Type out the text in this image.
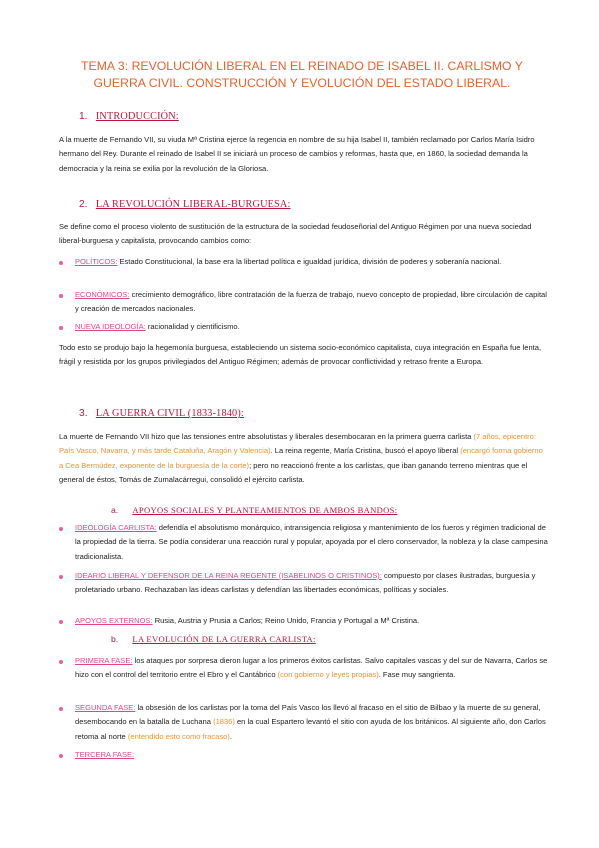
TEMA 3: REVOLUCIÓN LIBERAL EN EL REINADO DE ISABEL II. CARLISMO Y GUERRA CIVIL. CONSTRUCCIÓN Y EVOLUCIÓN DEL ESTADO LIBERAL.
1. INTRODUCCIÓN:
A la muerte de Fernando VII, su viuda Mª Cristina ejerce la regencia en nombre de su hija Isabel II, también reclamado por Carlos María Isidro hermano del Rey. Durante el reinado de Isabel II se iniciará un proceso de cambios y reformas, hasta que, en 1860, la sociedad demanda la democracia y la reina se exilia por la revolución de la Gloriosa.
2. LA REVOLUCIÓN LIBERAL-BURGUESA:
Se define como el proceso violento de sustitución de la estructura de la sociedad feudoseñorial del Antiguo Régimen por una nueva sociedad liberal-burguesa y capitalista, provocando cambios como:
POLÍTICOS: Estado Constitucional, la base era la libertad política e igualdad jurídica, división de poderes y soberanía nacional.
ECONÓMICOS: crecimiento demográfico, libre contratación de la fuerza de trabajo, nuevo concepto de propiedad, libre circulación de capital y creación de mercados nacionales.
NUEVA IDEOLOGÍA: racionalidad y cientificismo.
Todo esto se produjo bajo la hegemonía burguesa, estableciendo un sistema socio-económico capitalista, cuya integración en España fue lenta, frágil y resistida por los grupos privilegiados del Antiguo Régimen; además de provocar conflictividad y retraso frente a Europa.
3. LA GUERRA CIVIL (1833-1840):
La muerte de Fernando VII hizo que las tensiones entre absolutistas y liberales desembocaran en la primera guerra carlista (7 años, epicentro: País Vasco, Navarra, y más tarde Cataluña, Aragón y Valencia). La reina regente, María Cristina, buscó el apoyo liberal (encargó forma gobierno a Cea Bermúdez, exponente de la burguesía de la corte); pero no reaccionó frente a los carlistas, que iban ganando terreno mientras que el general de éstos, Tomás de Zumalacárregui, consolidó el ejército carlista.
a. APOYOS SOCIALES Y PLANTEAMIENTOS DE AMBOS BANDOS:
IDEOLOGÍA CARLISTA: defendía el absolutismo monárquico, intransigencia religiosa y mantenimiento de los fueros y régimen tradicional de la propiedad de la tierra. Se podía considerar una reacción rural y popular, apoyada por el clero conservador, la nobleza y la clase campesina tradicionalista.
IDEARIO LIBERAL Y DEFENSOR DE LA REINA REGENTE (ISABELINOS O CRISTINOS): compuesto por clases ilustradas, burguesía y proletariado urbano. Rechazaban las ideas carlistas y defendían las libertades económicas, políticas y sociales.
APOYOS EXTERNOS: Rusia, Austria y Prusia a Carlos; Reino Unido, Francia y Portugal a Mª Cristina.
b. LA EVOLUCIÓN DE LA GUERRA CARLISTA:
PRIMERA FASE: los ataques por sorpresa dieron lugar a los primeros éxitos carlistas. Salvo capitales vascas y del sur de Navarra, Carlos se hizo con el control del territorio entre el Ebro y el Cantábrico (con gobierno y leyes propias). Fase muy sangrienta.
SEGUNDA FASE: la obsesión de los carlistas por la toma del País Vasco los llevó al fracaso en el sitio de Bilbao y la muerte de su general, desembocando en la batalla de Luchana (1836) en la cual Espartero levantó el sitio con ayuda de los británicos. Al siguiente año, don Carlos retoma al norte (entendido esto como fracaso).
TERCERA FASE:
